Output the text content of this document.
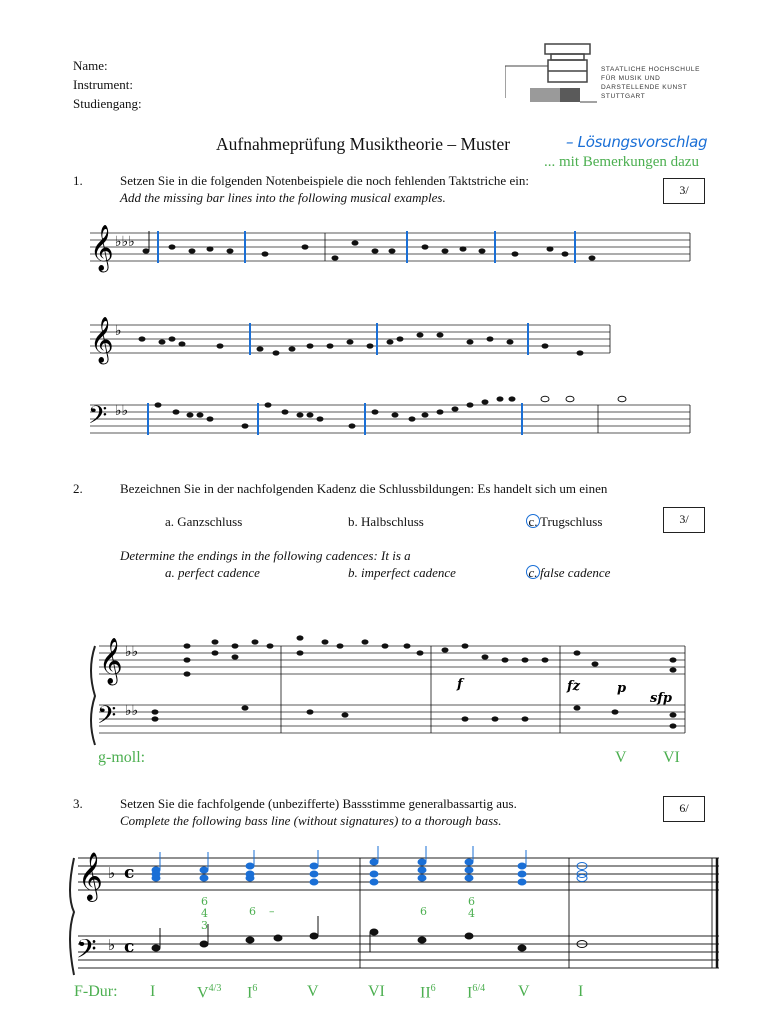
Name:
Instrument:
Studiengang:
STAATLICHE HOCHSCHULE
FÜR MUSIK UND
DARSTELLENDE KUNST
STUTTGART
Aufnahmeprüfung Musiktheorie – Muster	– Lösungsvorschlag
... mit Bemerkungen dazu
1.	Setzen Sie in die folgenden Notenbeispiele die noch fehlenden Taktstriche ein:
Add the missing bar lines into the following musical examples.	3/
𝄞 ♭♭♭
𝄞 ♭
𝄢 ♭♭
2.	Bezeichnen Sie in der nachfolgenden Kadenz die Schlussbildungen: Es handelt sich um einen
a. Ganzschluss	b. Halbschluss	c. Trugschluss	3/
Determine the endings in the following cadences: It is a
a. perfect cadence	b. imperfect cadence	c. false cadence
𝄞
𝄢
♭♭
♭♭
f	fz	p
sfp
g-moll:	V VI
3.	Setzen Sie die fachfolgende (unbezifferte) Bassstimme generalbassartig aus.
Complete the following bass line (without signatures) to a thorough bass.
6/
𝄞
𝄢
♭
♭
c
c
6
4
3
6 –	6
6
4
F-Dur: I	$V^{4/3}$ $I^6$	V	VI $II^6$ $I^{6/4}$ V	I
